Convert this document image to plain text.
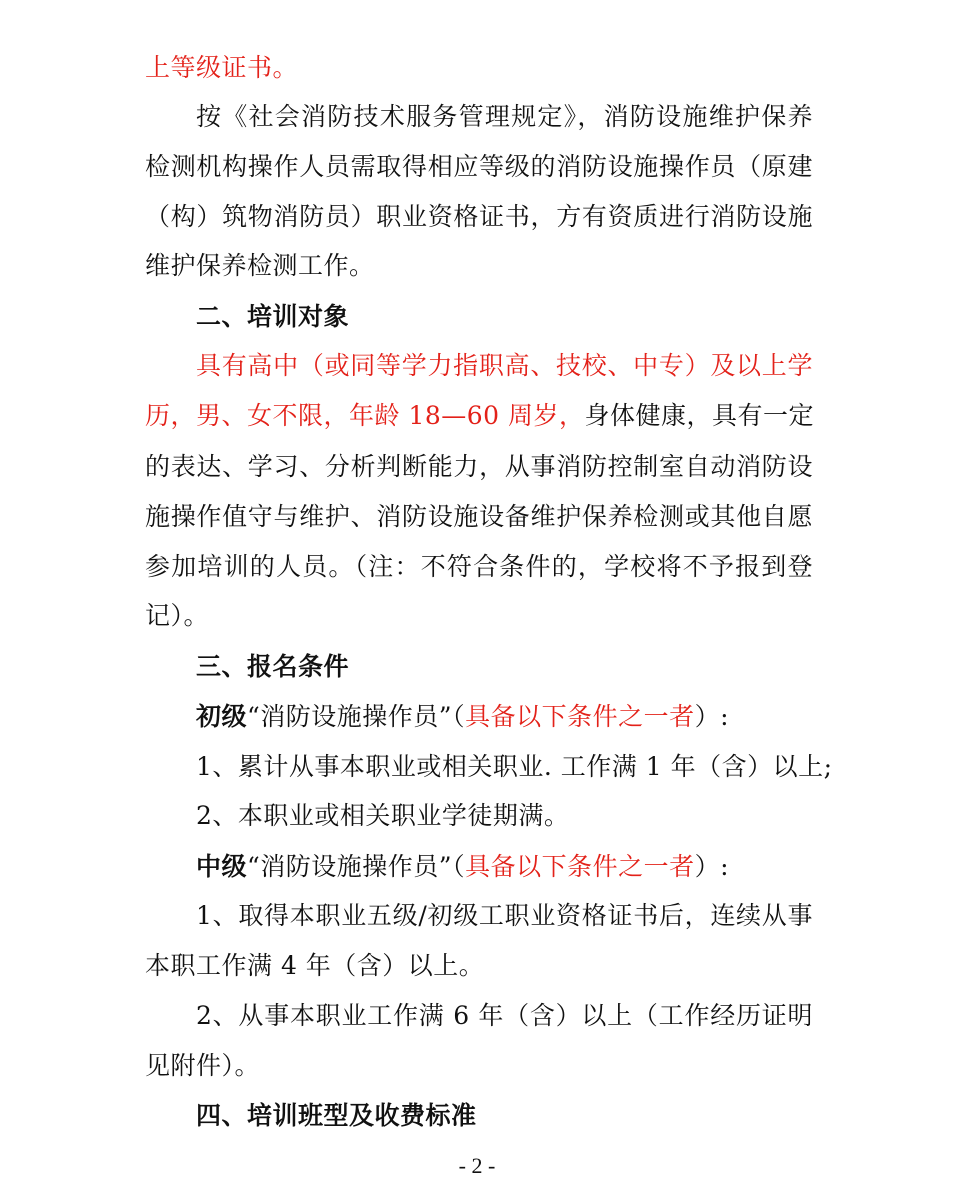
上等级证书。
按《社会消防技术服务管理规定》，消防设施维护保养
检测机构操作人员需取得相应等级的消防设施操作员（原建
（构）筑物消防员）职业资格证书，方有资质进行消防设施
维护保养检测工作。
二、培训对象
具有高中（或同等学力指职高、技校、中专）及以上学
历，男、女不限，年龄 18—60 周岁，身体健康，具有一定
的表达、学习、分析判断能力，从事消防控制室自动消防设
施操作值守与维护、消防设施设备维护保养检测或其他自愿
参加培训的人员。（注：不符合条件的，学校将不予报到登
记）。
三、报名条件
初级“消防设施操作员”（具备以下条件之一者）:
1、累计从事本职业或相关职业. 工作满 1 年（含）以上;
2、本职业或相关职业学徒期满。
中级“消防设施操作员”（具备以下条件之一者）:
1、取得本职业五级/初级工职业资格证书后，连续从事
本职工作满 4 年（含）以上。
2、从事本职业工作满 6 年（含）以上（工作经历证明
见附件）。
四、培训班型及收费标准
- 2 -
